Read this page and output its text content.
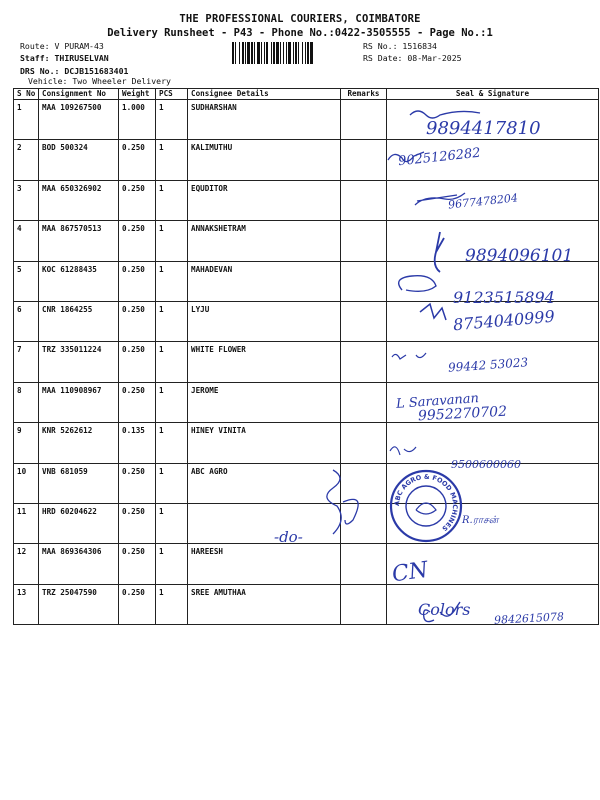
THE PROFESSIONAL COURIERS, COIMBATORE
Delivery Runsheet - P43 - Phone No.:0422-3505555 - Page No.:1
Route: V PURAM-43
Staff: THIRUSELVAN
DRS No.: DCJB151683401
Vehicle: Two Wheeler Delivery
RS No.: 1516834
RS Date: 08-Mar-2025
S No	Consignment No	Weight	PCS	Consignee Details	Remarks	Seal & Signature
1	MAA 109267500	1.000	1	SUDHARSHAN		
2	BOD 500324	0.250	1	KALIMUTHU		
3	MAA 650326902	0.250	1	EQUDITOR		
4	MAA 867570513	0.250	1	ANNAKSHETRAM		
5	KOC 61288435	0.250	1	MAHADEVAN		
6	CNR 1864255	0.250	1	LYJU		
7	TRZ 335011224	0.250	1	WHITE FLOWER		
8	MAA 110908967	0.250	1	JEROME		
9	KNR 5262612	0.135	1	HINEY VINITA		
10	VNB 681059	0.250	1	ABC AGRO		
11	HRD 60204622	0.250	1			
12	MAA 869364306	0.250	1	HAREESH		
13	TRZ 25047590	0.250	1	SREE AMUTHAA		
9894417810
9025126282
9677478204
9894096101
9123515894
8754040999
99442 53023
L Saravanan
9952270702
9500600060
-do-
R.ராசன்
CN
Colors 9842615078
ABC AGRO & FOOD MACHINES
